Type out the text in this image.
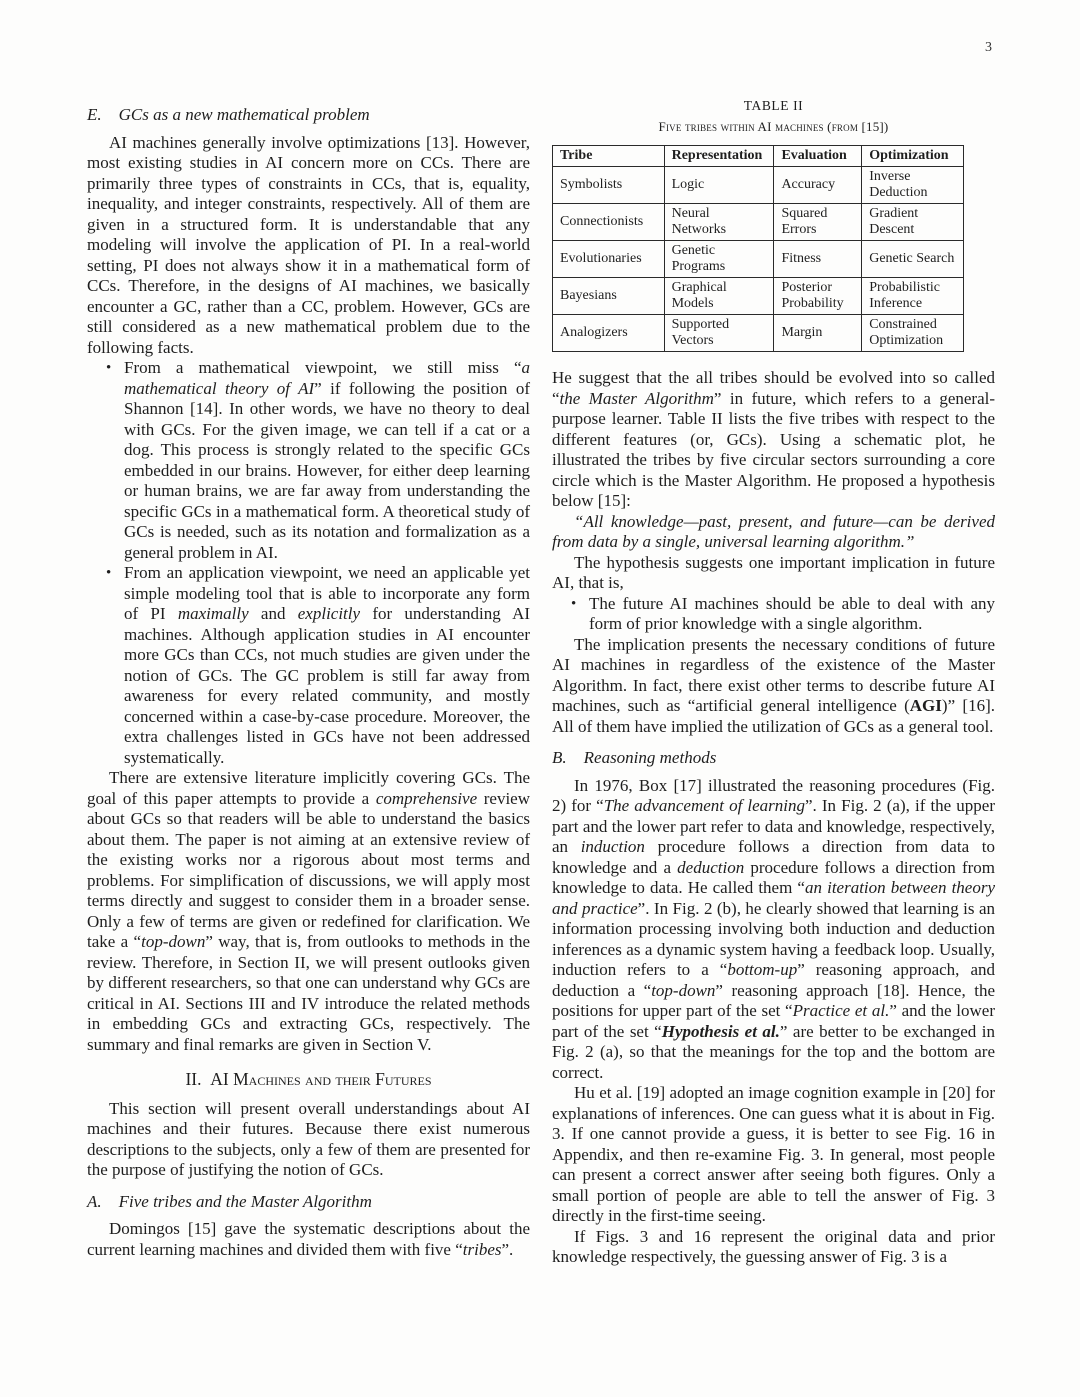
3
E.  GCs as a new mathematical problem

AI machines generally involve optimizations [13]. However, most existing studies in AI concern more on CCs. There are primarily three types of constraints in CCs, that is, equality, inequality, and integer constraints, respectively. All of them are given in a structured form. It is understandable that any modeling will involve the application of PI. In a real-world setting, PI does not always show it in a mathematical form of CCs. Therefore, in the designs of AI machines, we basically encounter a GC, rather than a CC, problem. However, GCs are still considered as a new mathematical problem due to the following facts.

• From a mathematical viewpoint, we still miss “a mathematical theory of AI” if following the position of Shannon [14]. In other words, we have no theory to deal with GCs. For the given image, we can tell if a cat or a dog. This process is strongly related to the specific GCs embedded in our brains. However, for either deep learning or human brains, we are far away from understanding the specific GCs in a mathematical form. A theoretical study of GCs is needed, such as its notation and formalization as a general problem in AI.
• From an application viewpoint, we need an applicable yet simple modeling tool that is able to incorporate any form of PI maximally and explicitly for understanding AI machines. Although application studies in AI encounter more GCs than CCs, not much studies are given under the notion of GCs. The GC problem is still far away from awareness for every related community, and mostly concerned within a case-by-case procedure. Moreover, the extra challenges listed in GCs have not been addressed systematically.

There are extensive literature implicitly covering GCs. The goal of this paper attempts to provide a comprehensive review about GCs so that readers will be able to understand the basics about them. The paper is not aiming at an extensive review of the existing works nor a rigorous about most terms and problems. For simplification of discussions, we will apply most terms directly and suggest to consider them in a broader sense. Only a few of terms are given or redefined for clarification. We take a “top-down” way, that is, from outlooks to methods in the review. Therefore, in Section II, we will present outlooks given by different researchers, so that one can understand why GCs are critical in AI. Sections III and IV introduce the related methods in embedding GCs and extracting GCs, respectively. The summary and final remarks are given in Section V.

II. AI Machines and their Futures

This section will present overall understandings about AI machines and their futures. Because there exist numerous descriptions to the subjects, only a few of them are presented for the purpose of justifying the notion of GCs.

A.  Five tribes and the Master Algorithm

Domingos [15] gave the systematic descriptions about the current learning machines and divided them with five “tribes”.

TABLE II
Five tribes within AI machines (from [15])
Tribe	Representation	Evaluation	Optimization
Symbolists	Logic	Accuracy	Inverse Deduction
Connectionists	Neural Networks	Squared Errors	Gradient Descent
Evolutionaries	Genetic Programs	Fitness	Genetic Search
Bayesians	Graphical Models	Posterior Probability	Probabilistic Inference
Analogizers	Supported Vectors	Margin	Constrained Optimization

He suggest that the all tribes should be evolved into so called “the Master Algorithm” in future, which refers to a general-purpose learner. Table II lists the five tribes with respect to the different features (or, GCs). Using a schematic plot, he illustrated the tribes by five circular sectors surrounding a core circle which is the Master Algorithm. He proposed a hypothesis below [15]:

“All knowledge—past, present, and future—can be derived from data by a single, universal learning algorithm.”

The hypothesis suggests one important implication in future AI, that is,

• The future AI machines should be able to deal with any form of prior knowledge with a single algorithm.

The implication presents the necessary conditions of future AI machines in regardless of the existence of the Master Algorithm. In fact, there exist other terms to describe future AI machines, such as “artificial general intelligence (AGI)” [16]. All of them have implied the utilization of GCs as a general tool.

B.  Reasoning methods

In 1976, Box [17] illustrated the reasoning procedures (Fig. 2) for “The advancement of learning”. In Fig. 2 (a), if the upper part and the lower part refer to data and knowledge, respectively, an induction procedure follows a direction from data to knowledge and a deduction procedure follows a direction from knowledge to data. He called them “an iteration between theory and practice”. In Fig. 2 (b), he clearly showed that learning is an information processing involving both induction and deduction inferences as a dynamic system having a feedback loop. Usually, induction refers to a “bottom-up” reasoning approach, and deduction a “top-down” reasoning approach [18]. Hence, the positions for upper part of the set “Practice et al.” and the lower part of the set “Hypothesis et al.” are better to be exchanged in Fig. 2 (a), so that the meanings for the top and the bottom are correct.

Hu et al. [19] adopted an image cognition example in [20] for explanations of inferences. One can guess what it is about in Fig. 3. If one cannot provide a guess, it is better to see Fig. 16 in Appendix, and then re-examine Fig. 3. In general, most people can present a correct answer after seeing both figures. Only a small portion of people are able to tell the answer of Fig. 3 directly in the first-time seeing.

If Figs. 3 and 16 represent the original data and prior knowledge respectively, the guessing answer of Fig. 3 is a
